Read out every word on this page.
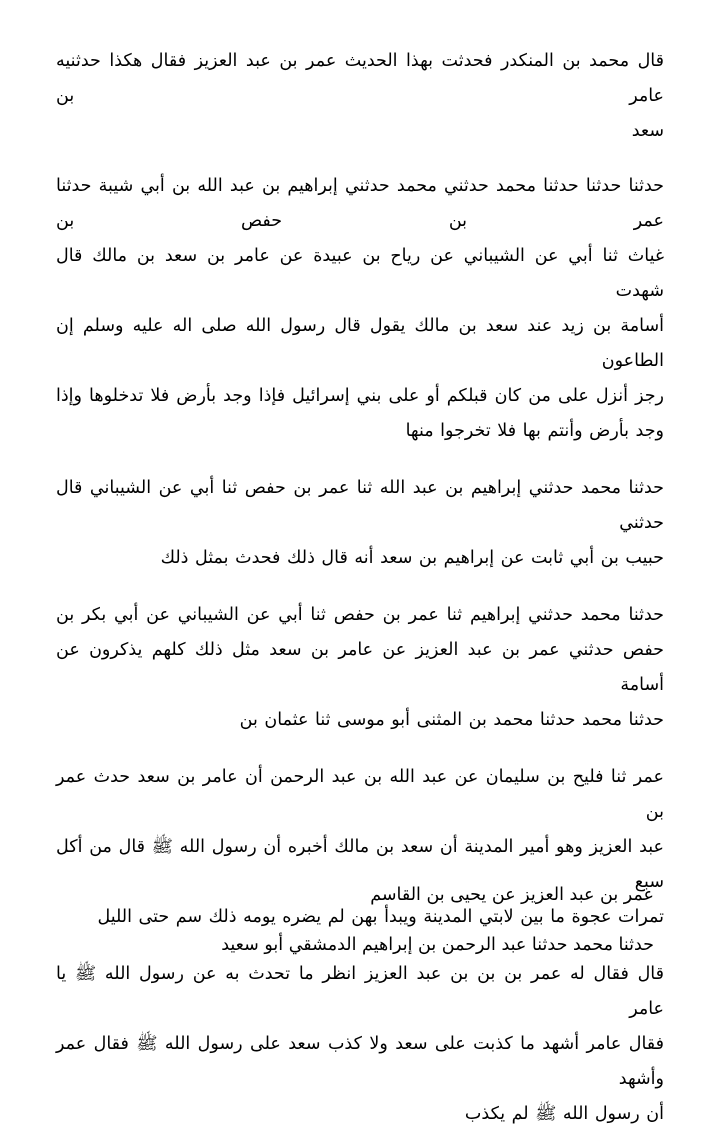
قال محمد بن المنكدر فحدثت بهذا الحديث عمر بن عبد العزيز فقال هكذا حدثنيه عامر بن
سعد

حدثنا حدثنا حدثنا محمد حدثني محمد حدثني إبراهيم بن عبد الله بن أبي شيبة حدثنا عمر بن حفص بن
غياث ثنا أبي عن الشيباني عن رياح بن عبيدة عن عامر بن سعد بن مالك قال شهدت
أسامة بن زيد عند سعد بن مالك يقول قال رسول الله صلى اله عليه وسلم إن الطاعون
رجز أنزل على من كان قبلكم أو على بني إسرائيل فإذا وجد بأرض فلا تدخلوها وإذا
وجد بأرض وأنتم بها فلا تخرجوا منها

حدثنا محمد حدثني إبراهيم بن عبد الله ثنا عمر بن حفص ثنا أبي عن الشيباني قال حدثني
حبيب بن أبي ثابت عن إبراهيم بن سعد أنه قال ذلك فحدث بمثل ذلك

حدثنا محمد حدثني إبراهيم ثنا عمر بن حفص ثنا أبي عن الشيباني عن أبي بكر بن
حفص حدثني عمر بن عبد العزيز عن عامر بن سعد مثل ذلك كلهم يذكرون عن أسامة
حدثنا محمد حدثنا محمد بن المثنى أبو موسى ثنا عثمان بن

عمر ثنا فليح بن سليمان عن عبد الله بن عبد الرحمن أن عامر بن سعد حدث عمر بن
عبد العزيز وهو أمير المدينة أن سعد بن مالك أخبره أن رسول الله ﷺ قال من أكل سبع
تمرات عجوة ما بين لابتي المدينة ويبدأ بهن لم يضره يومه ذلك سم حتى الليل

قال فقال له عمر بن بن بن عبد العزيز انظر ما تحدث به عن رسول الله ﷺ يا عامر
فقال عامر أشهد ما كذبت على سعد ولا كذب سعد على رسول الله ﷺ فقال عمر وأشهد
أن رسول الله ﷺ لم يكذب

عمر بن عبد العزيز عن يحيى بن القاسم
حدثنا محمد حدثنا عبد الرحمن بن إبراهيم الدمشقي أبو سعيد
